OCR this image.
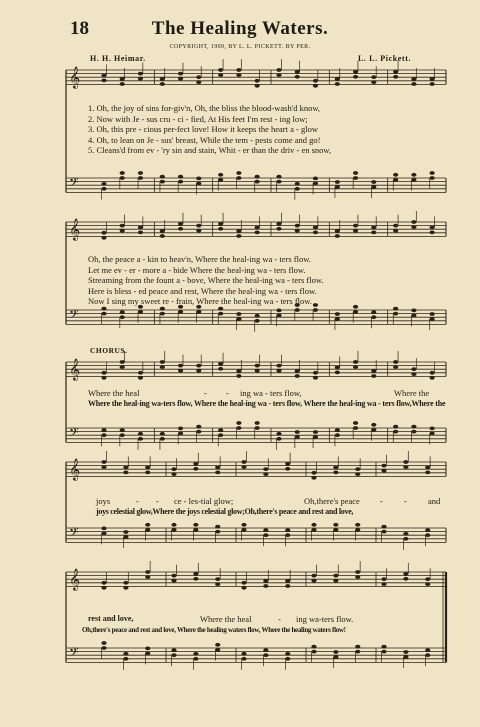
18	The Healing Waters.
COPYRIGHT, 1909, BY L. L. PICKETT. BY PER.
H. H. Heimar.	L. L. Pickett.
𝄞
𝄢
𝄞
𝄢
𝄞
𝄢
𝄞
𝄢
𝄞
𝄢
1. Oh, the joy of sins for-giv'n, Oh, the bliss the blood-wash'd know,
2. Now with Je - sus cru - ci - fied, At His feet I'm rest - ing low;
3. Oh, this pre - cious per-fect love! How it keeps the heart a - glow
4. Oh, to lean on Je - sus' breast, While the tem - pests come and go!
5. Cleans'd from ev - 'ry sin and stain, Whit - er than the driv - en snow,
Oh, the peace a - kin to heav'n, Where the heal-ing wa - ters flow.
Let me ev - er - more a - bide Where the heal-ing wa - ters flow.
Streaming from the fount a - bove, Where the heal-ing wa - ters flow.
Here is bless - ed peace and rest, Where the heal-ing wa - ters flow.
Now I sing my sweet re - frain, Where the heal-ing wa - ters flow.
CHORUS.
Where the heal	- - ing wa - ters flow,	Where the
Where the heal-ing wa-ters flow, Where the heal-ing wa - ters flow, Where the heal-ing wa - ters flow,Where the
joys	- - ce - les-tial glow;	Oh,there's peace - - and
joys celestial glow,Where the joys celestial glow;Oh,there's peace and rest and love,
rest and love,	Where the heal	- ing wa-ters flow.
Oh,there's peace and rest and love, Where the healing waters flow, Where the healing waters flow!
